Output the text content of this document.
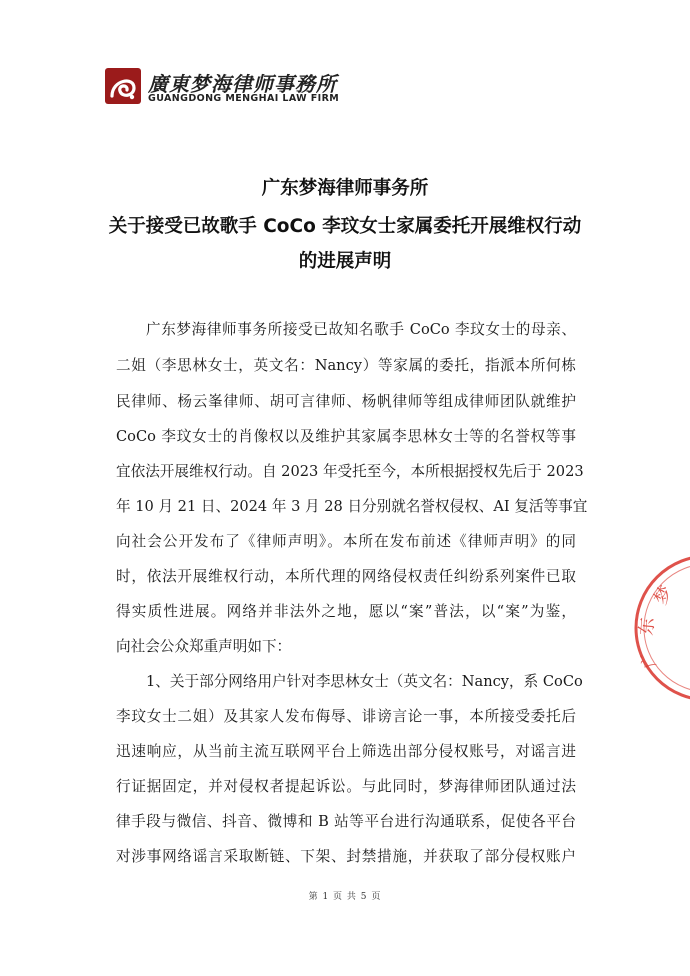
廣東梦海律师事務所
GUANGDONG MENGHAI LAW FIRM
广东梦海律师事务所
关于接受已故歌手 CoCo 李玟女士家属委托开展维权行动
的进展声明
广东梦海律师事务所接受已故知名歌手 CoCo 李玟女士的母亲、
二姐（李思林女士，英文名：Nancy）等家属的委托，指派本所何栋
民律师、杨云峯律师、胡可言律师、杨帆律师等组成律师团队就维护
CoCo 李玟女士的肖像权以及维护其家属李思林女士等的名誉权等事
宜依法开展维权行动。自 2023 年受托至今，本所根据授权先后于 2023
年 10 月 21 日、2024 年 3 月 28 日分别就名誉权侵权、AI 复活等事宜
向社会公开发布了《律师声明》。本所在发布前述《律师声明》的同
时，依法开展维权行动，本所代理的网络侵权责任纠纷系列案件已取
得实质性进展。网络并非法外之地，愿以“案”普法，以“案”为鉴，
向社会公众郑重声明如下：
1、关于部分网络用户针对李思林女士（英文名：Nancy，系 CoCo
李玟女士二姐）及其家人发布侮辱、诽谤言论一事，本所接受委托后
迅速响应，从当前主流互联网平台上筛选出部分侵权账号，对谣言进
行证据固定，并对侵权者提起诉讼。与此同时，梦海律师团队通过法
律手段与微信、抖音、微博和 B 站等平台进行沟通联系，促使各平台
对涉事网络谣言采取断链、下架、封禁措施，并获取了部分侵权账户
梦
东
广
第 1 页 共 5 页
